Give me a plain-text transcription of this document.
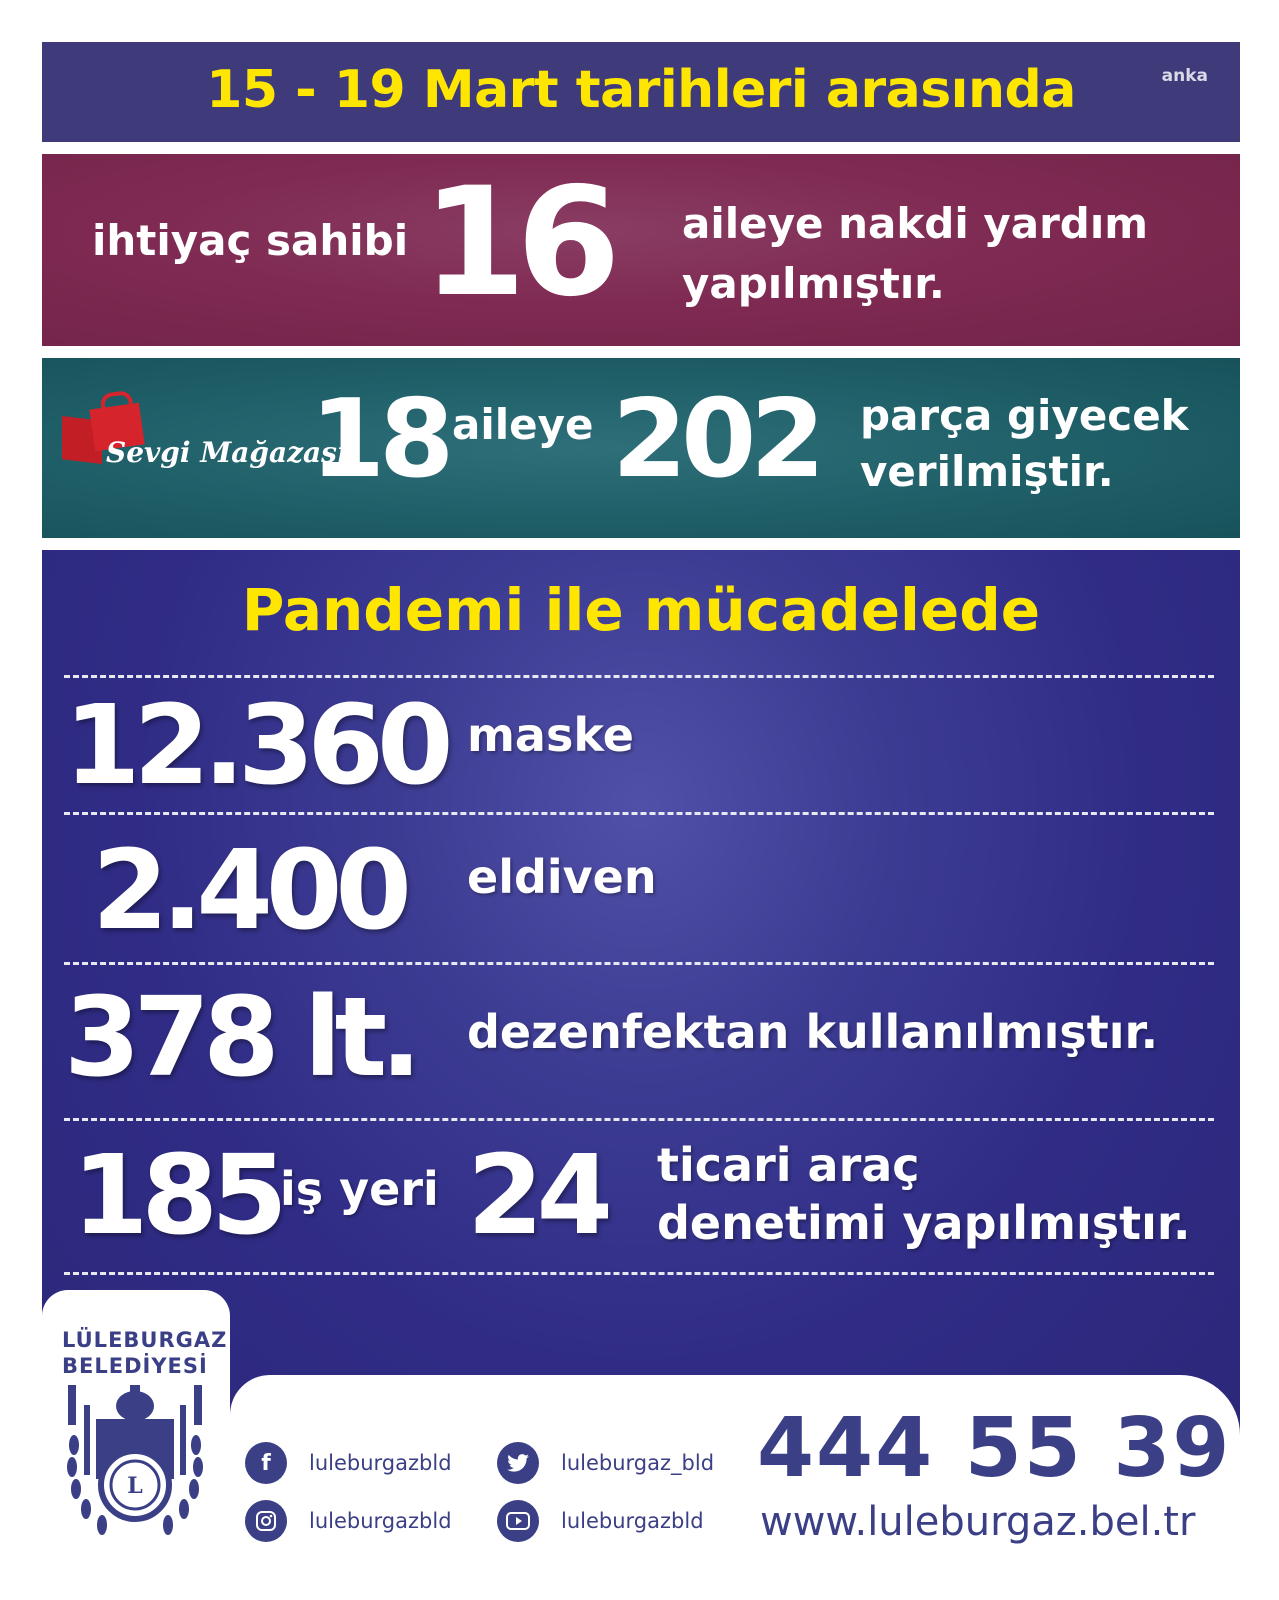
15 - 19 Mart tarihleri arasında	anka
ihtiyaç sahibi 16 aileye nakdi yardım
yapılmıştır.
Sevgi Mağazası
18 aileye 202 parça giyecek
verilmiştir.
Pandemi ile mücadelede
12.360 maske
2.400 eldiven
378 lt. dezenfektan kullanılmıştır.
185 iş yeri 24 ticari araç
denetimi yapılmıştır.
LÜLEBURGAZ
BELEDİYESİ
L
f	luleburgazbld	luleburgaz_bld
luleburgazbld	luleburgazbld
444 55 39
www.luleburgaz.bel.tr
